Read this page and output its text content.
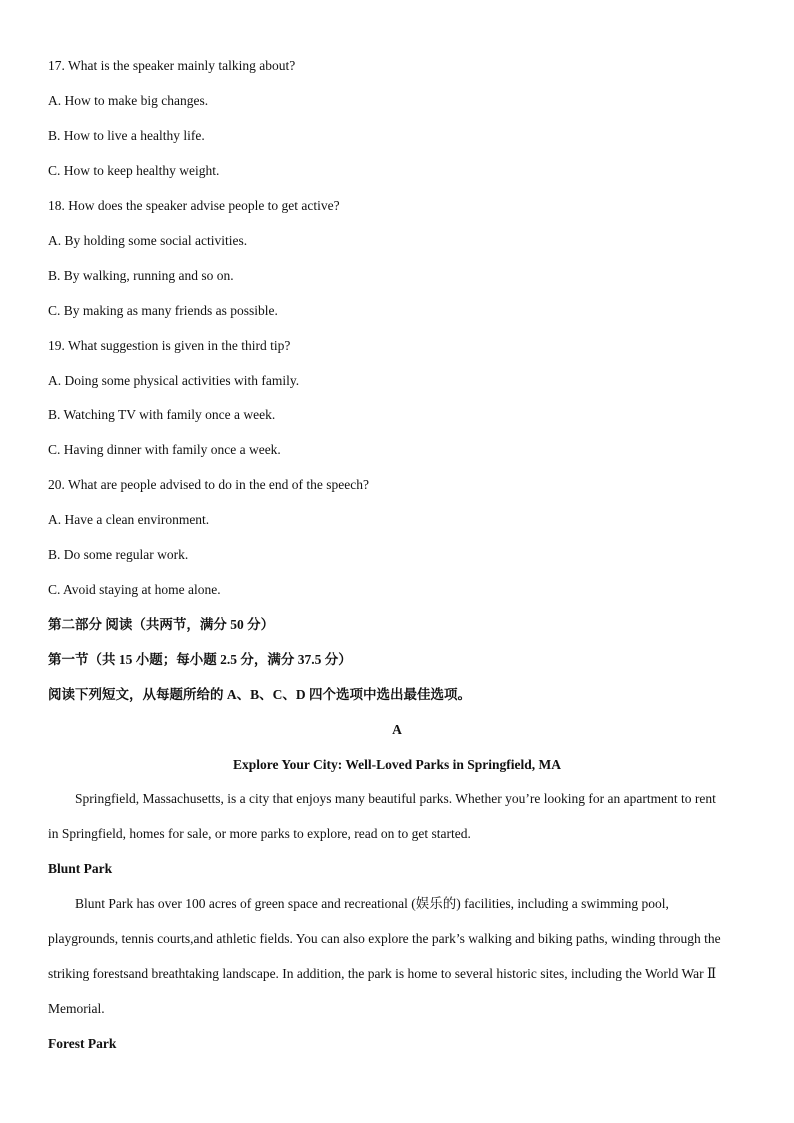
17. What is the speaker mainly talking about?
A. How to make big changes.
B. How to live a healthy life.
C. How to keep healthy weight.
18. How does the speaker advise people to get active?
A. By holding some social activities.
B. By walking, running and so on.
C. By making as many friends as possible.
19. What suggestion is given in the third tip?
A. Doing some physical activities with family.
B. Watching TV with family once a week.
C. Having dinner with family once a week.
20. What are people advised to do in the end of the speech?
A. Have a clean environment.
B. Do some regular work.
C. Avoid staying at home alone.
第二部分 阅读（共两节，满分 50 分）
第一节（共 15 小题；每小题 2.5 分，满分 37.5 分）
阅读下列短文，从每题所给的 A、B、C、D 四个选项中选出最佳选项。
A
Explore Your City: Well-Loved Parks in Springfield, MA
Springfield, Massachusetts, is a city that enjoys many beautiful parks. Whether you’re looking for an apartment to rent
in Springfield, homes for sale, or more parks to explore, read on to get started.
Blunt Park
Blunt Park has over 100 acres of green space and recreational (娱乐的) facilities, including a swimming pool,
playgrounds, tennis courts,and athletic fields. You can also explore the park’s walking and biking paths, winding through the
striking forestsand breathtaking landscape. In addition, the park is home to several historic sites, including the World War Ⅱ
Memorial.
Forest Park
